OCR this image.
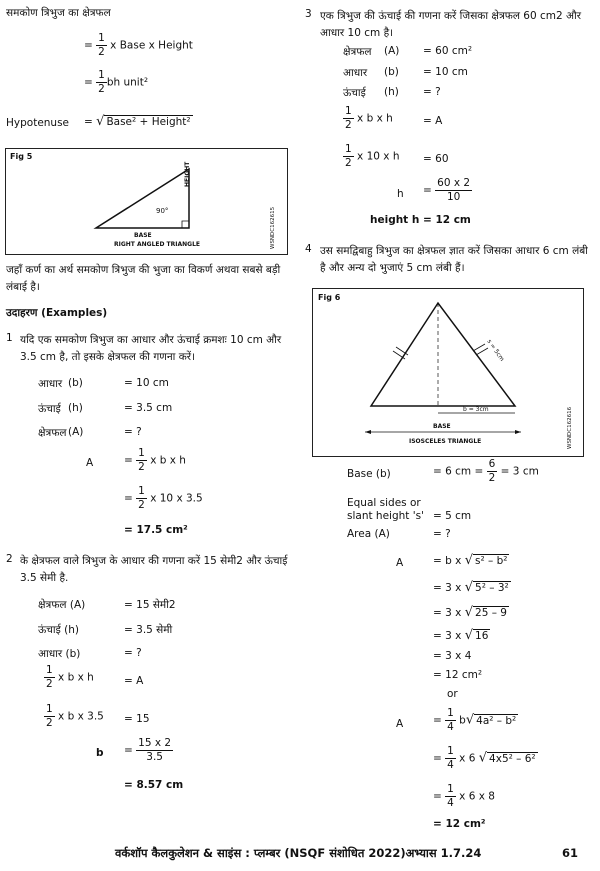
समकोण त्रिभुज का क्षेत्रफल
= $\frac{1}{2}$ x Base x Height
= $\frac{1}{2}$ bh unit²
Hypotenuse = √ Base² + Height²
Fig 5
90°
HEIGHT
BASE
RIGHT ANGLED TRIANGLE	WSNDC162615
जहाँ कर्ण का अर्थ समकोण त्रिभुज की भुजा का विकर्ण अथवा सबसे बड़ी लंबाई है।
उदाहरण (Examples)
1 यदि एक समकोण त्रिभुज का आधार और ऊंचाई क्रमशः 10 cm और 3.5 cm है, तो इसके क्षेत्रफल की गणना करें।
आधार (b)	= 10 cm
ऊंचाई (h)	= 3.5 cm
क्षेत्रफल (A)	= ?
A	= $\frac{1}{2}$ x b x h
= $\frac{1}{2}$ x 10 x 3.5
= 17.5 cm²
2 के क्षेत्रफल वाले त्रिभुज के आधार की गणना करें 15 सेमी2 और ऊंचाई 3.5 सेमी है.
क्षेत्रफल (A)	= 15 सेमी2
ऊंचाई (h)	= 3.5 सेमी
आधार (b)	= ?
$\frac{1}{2}$ x b x h	= A
$\frac{1}{2}$ x b x 3.5 = 15
$b = \frac{15 x 2}{3.5}$
= 8.57 cm
3 एक त्रिभुज की ऊंचाई की गणना करें जिसका क्षेत्रफल 60 cm2 और आधार 10 cm है।
क्षेत्रफल (A) = 60 cm²
आधार (b) = 10 cm
ऊंचाई (h) = ?
$\frac{1}{2}$ x b x h	= A
$\frac{1}{2}$ x 10 x h = 60
$h = \frac{60 x 2}{10}$
height h = 12 cm
4 उस समद्विबाहु त्रिभुज का क्षेत्रफल ज्ञात करें जिसका आधार 6 cm लंबी है और अन्य दो भुजाएं 5 cm लंबी हैं।
Fig 6
s = 5cm
b = 3cm
BASE
ISOSCELES TRIANGLE	WSNDC162616
Base (b)	= 6 cm = $\frac{6}{2} = 3$ cm
Equal sides or
slant height 's' = 5 cm
Area (A)	= ?
A	= b x √ s² – b²
= 3 x √ 5² – 3²
= 3 x √ 25 – 9
= 3 x √ 16
= 3 x 4
= 12 cm²
or
A	= $\frac{1}{4} b√$ 4a² – b²
= $\frac{1}{4}$ x 6 √ 4x5² – 6²
= $\frac{1}{4}$ x 6 x 8
= 12 cm²
वर्कशॉप कैलकुलेशन & साइंस : प्लम्बर (NSQF संशोधित 2022)अभ्यास 1.7.24	61
